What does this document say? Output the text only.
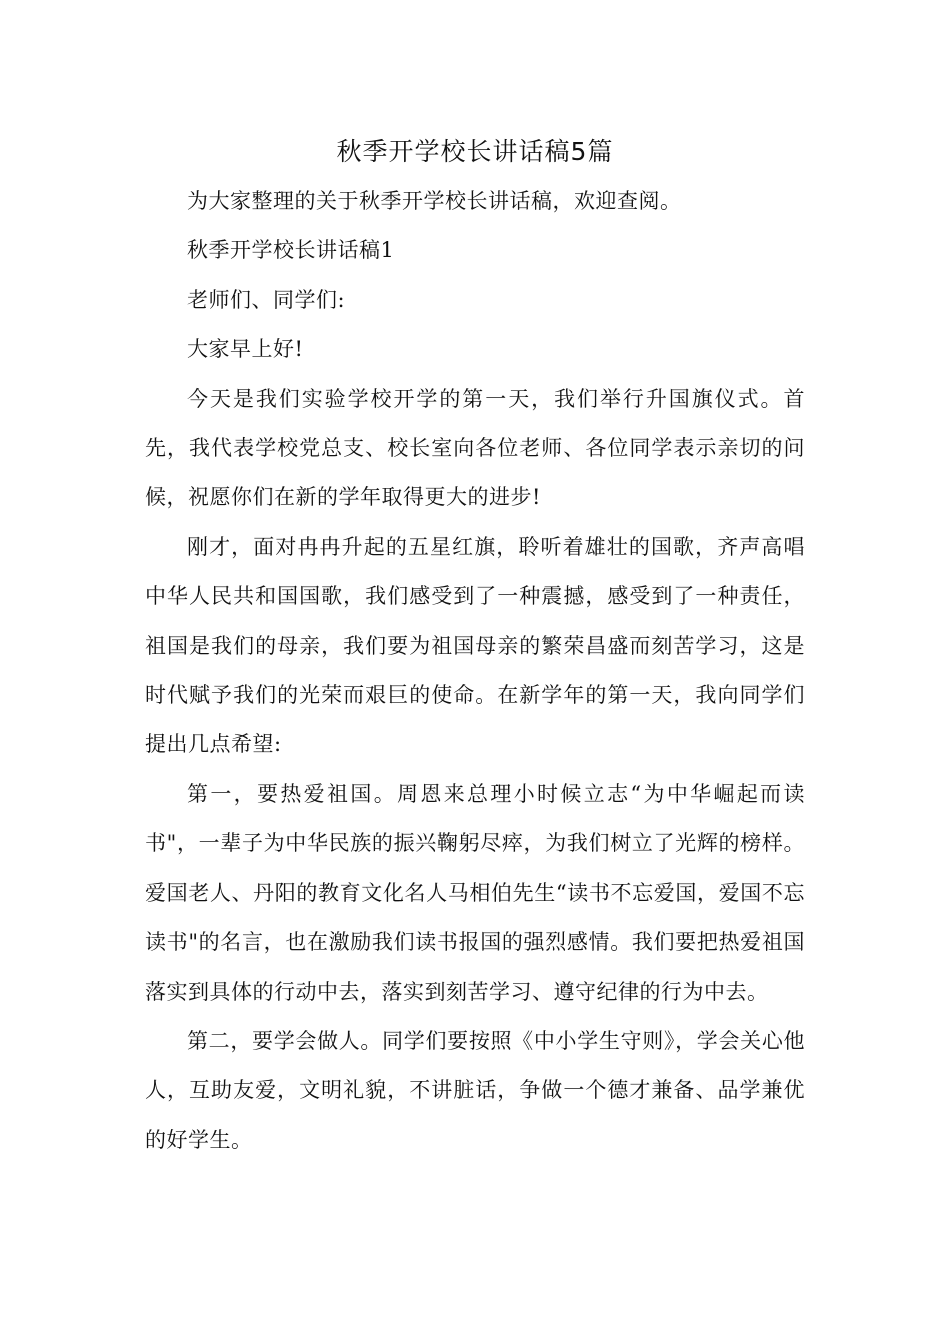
秋季开学校长讲话稿5篇

为大家整理的关于秋季开学校长讲话稿，欢迎查阅。

秋季开学校长讲话稿1

老师们、同学们:

大家早上好!

今天是我们实验学校开学的第一天，我们举行升国旗仪式。首先，我代表学校党总支、校长室向各位老师、各位同学表示亲切的问候，祝愿你们在新的学年取得更大的进步!

刚才，面对冉冉升起的五星红旗，聆听着雄壮的国歌，齐声高唱中华人民共和国国歌，我们感受到了一种震撼，感受到了一种责任，祖国是我们的母亲，我们要为祖国母亲的繁荣昌盛而刻苦学习，这是时代赋予我们的光荣而艰巨的使命。在新学年的第一天，我向同学们提出几点希望:

第一，要热爱祖国。周恩来总理小时候立志“为中华崛起而读书"，一辈子为中华民族的振兴鞠躬尽瘁，为我们树立了光辉的榜样。爱国老人、丹阳的教育文化名人马相伯先生“读书不忘爱国，爱国不忘读书"的名言，也在激励我们读书报国的强烈感情。我们要把热爱祖国落实到具体的行动中去，落实到刻苦学习、遵守纪律的行为中去。

第二，要学会做人。同学们要按照《中小学生守则》，学会关心他人，互助友爱，文明礼貌，不讲脏话，争做一个德才兼备、品学兼优的好学生。
